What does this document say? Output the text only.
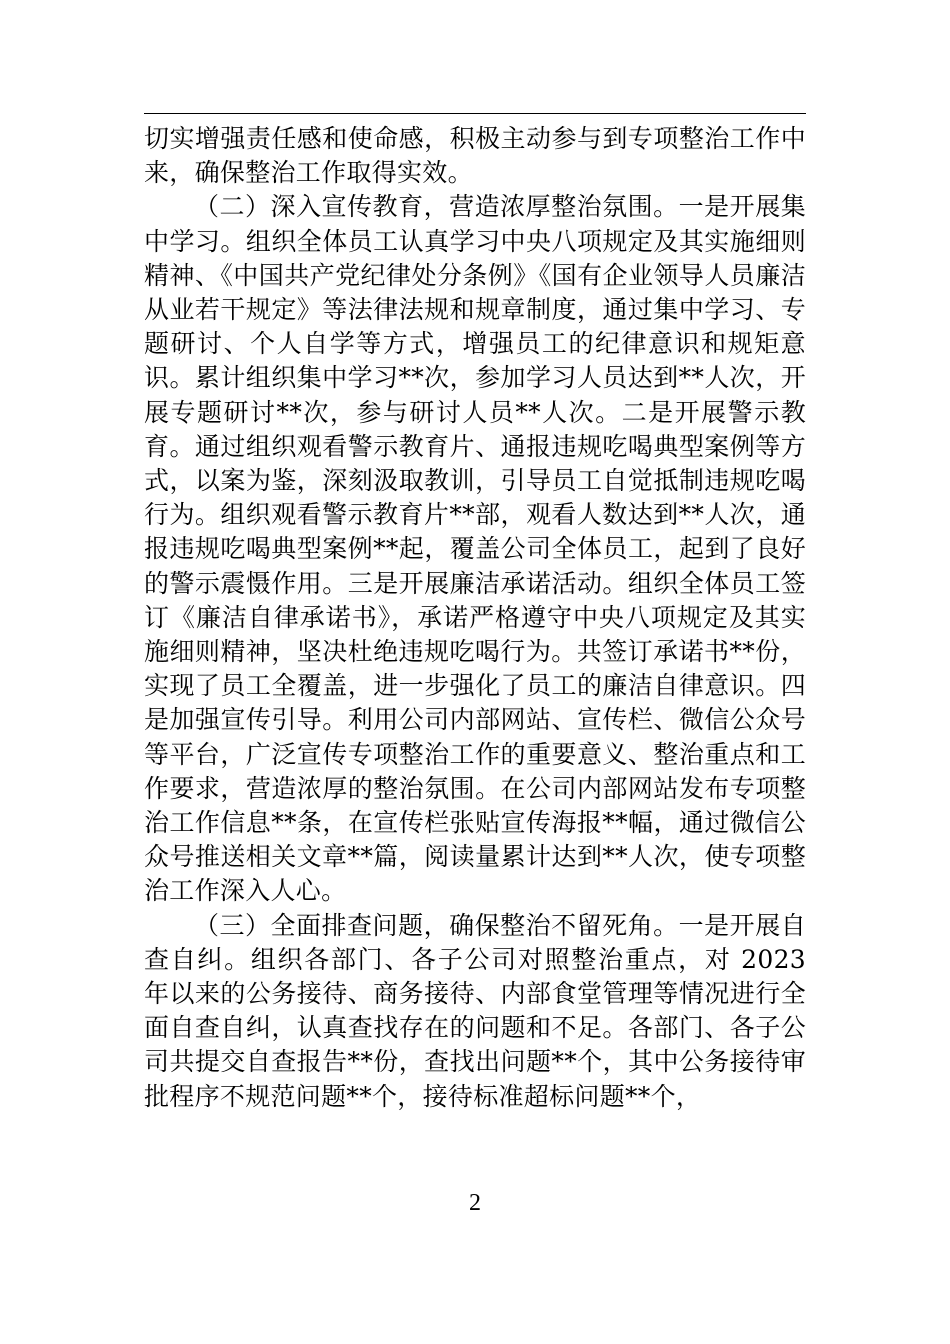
切实增强责任感和使命感，积极主动参与到专项整治工作中来，确保整治工作取得实效。

（二）深入宣传教育，营造浓厚整治氛围。一是开展集中学习。组织全体员工认真学习中央八项规定及其实施细则精神、《中国共产党纪律处分条例》《国有企业领导人员廉洁从业若干规定》等法律法规和规章制度，通过集中学习、专题研讨、个人自学等方式，增强员工的纪律意识和规矩意识。累计组织集中学习**次，参加学习人员达到**人次，开展专题研讨**次，参与研讨人员**人次。二是开展警示教育。通过组织观看警示教育片、通报违规吃喝典型案例等方式，以案为鉴，深刻汲取教训，引导员工自觉抵制违规吃喝行为。组织观看警示教育片**部，观看人数达到**人次，通报违规吃喝典型案例**起，覆盖公司全体员工，起到了良好的警示震慑作用。三是开展廉洁承诺活动。组织全体员工签订《廉洁自律承诺书》，承诺严格遵守中央八项规定及其实施细则精神，坚决杜绝违规吃喝行为。共签订承诺书**份，实现了员工全覆盖，进一步强化了员工的廉洁自律意识。四是加强宣传引导。利用公司内部网站、宣传栏、微信公众号等平台，广泛宣传专项整治工作的重要意义、整治重点和工作要求，营造浓厚的整治氛围。在公司内部网站发布专项整治工作信息**条，在宣传栏张贴宣传海报**幅，通过微信公众号推送相关文章**篇，阅读量累计达到**人次，使专项整治工作深入人心。

（三）全面排查问题，确保整治不留死角。一是开展自查自纠。组织各部门、各子公司对照整治重点，对 2023 年以来的公务接待、商务接待、内部食堂管理等情况进行全面自查自纠，认真查找存在的问题和不足。各部门、各子公司共提交自查报告**份，查找出问题**个，其中公务接待审批程序不规范问题**个，接待标准超标问题**个，

2
